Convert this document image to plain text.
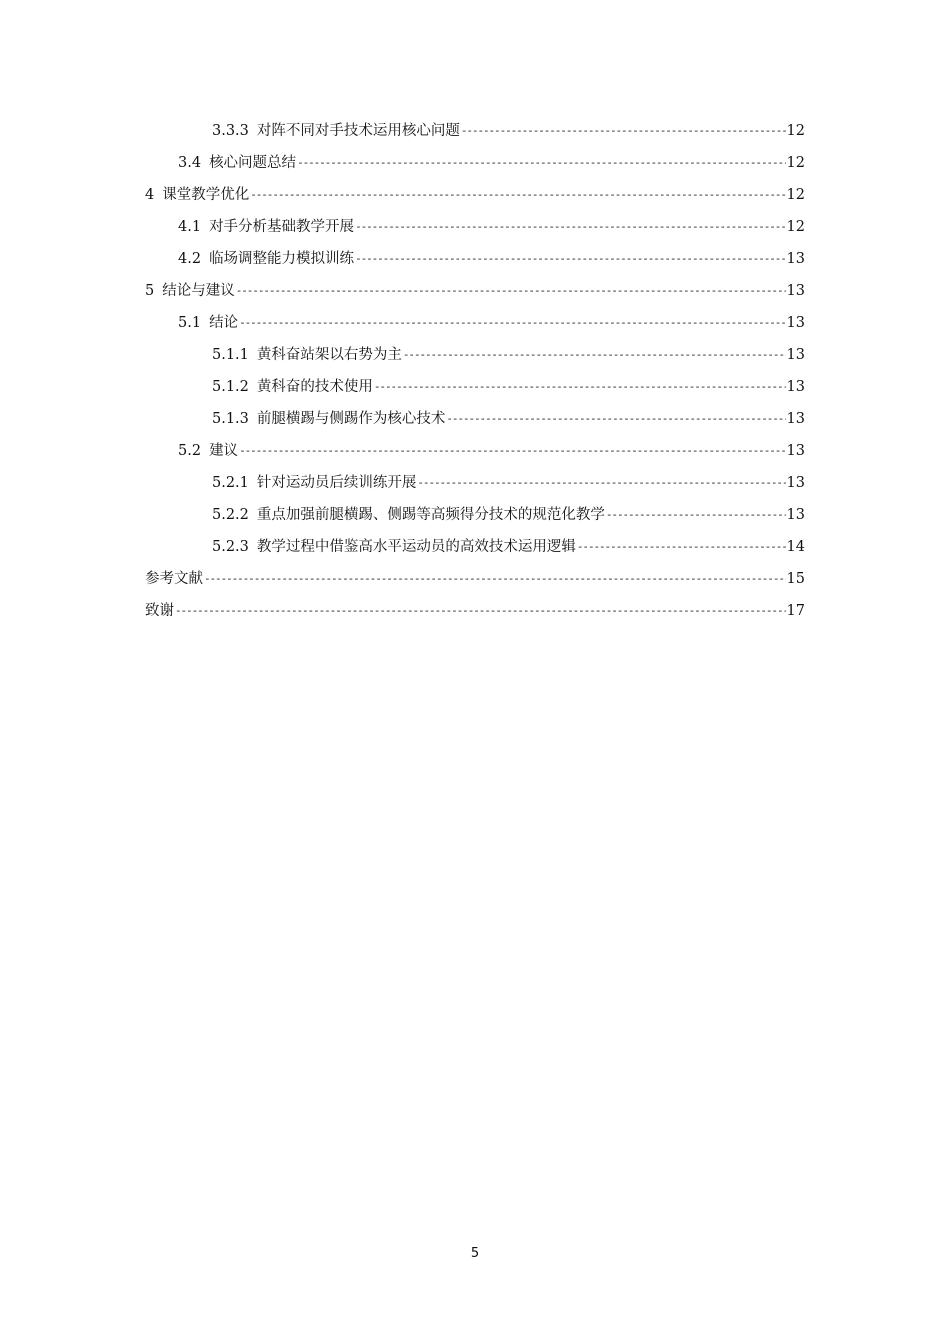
3.3.3 对阵不同对手技术运用核心问题 -----	12
3.4 核心问题总结 -----	12
4 课堂教学优化 -----	12
4.1 对手分析基础教学开展 -----	12
4.2 临场调整能力模拟训练 -----	13
5 结论与建议 -----	13
5.1 结论 -----	13
5.1.1 黄科奋站架以右势为主 -----	13
5.1.2 黄科奋的技术使用 -----	13
5.1.3 前腿横踢与侧踢作为核心技术 -----	13
5.2 建议 -----	13
5.2.1 针对运动员后续训练开展 -----	13
5.2.2 重点加强前腿横踢、侧踢等高频得分技术的规范化教学 -----	13
5.2.3 教学过程中借鉴高水平运动员的高效技术运用逻辑 -----	14
参考文献 -----	15
致谢 -----	17
5
